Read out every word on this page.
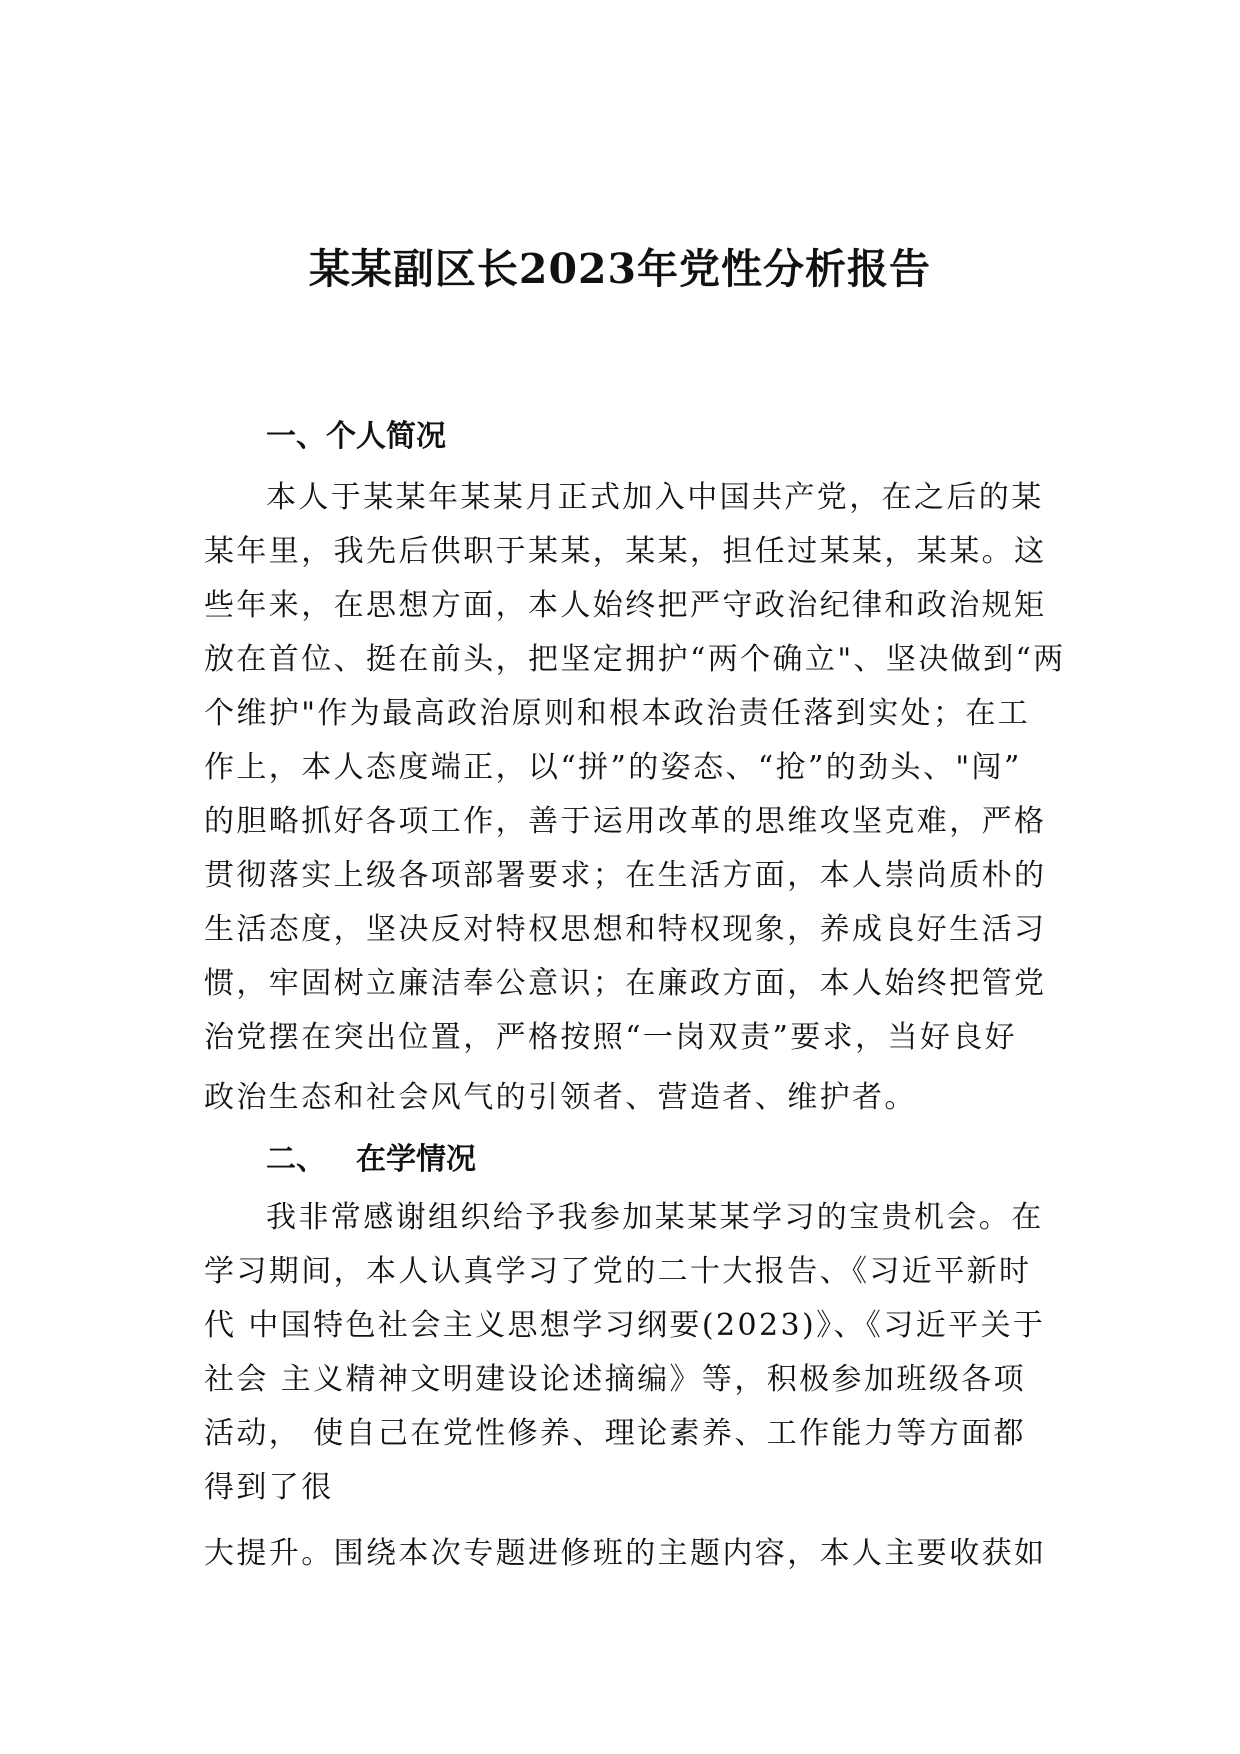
某某副区长2023年党性分析报告
一、个人简况
本人于某某年某某月正式加入中国共产党，在之后的某
某年里，我先后供职于某某，某某，担任过某某，某某。这
些年来，在思想方面，本人始终把严守政治纪律和政治规矩
放在首位、挺在前头，把坚定拥护“两个确立"、坚决做到“两
个维护"作为最高政治原则和根本政治责任落到实处；在工
作上，本人态度端正，以“拼”的姿态、“抢”的劲头、"闯”
的胆略抓好各项工作，善于运用改革的思维攻坚克难，严格
贯彻落实上级各项部署要求；在生活方面，本人崇尚质朴的
生活态度，坚决反对特权思想和特权现象，养成良好生活习
惯，牢固树立廉洁奉公意识；在廉政方面，本人始终把管党
治党摆在突出位置，严格按照“一岗双责”要求，当好良好
政治生态和社会风气的引领者、营造者、维护者。
二、 在学情况
我非常感谢组织给予我参加某某某学习的宝贵机会。在
学习期间，本人认真学习了党的二十大报告、《习近平新时
代 中国特色社会主义思想学习纲要(2023)》、《习近平关于
社会 主义精神文明建设论述摘编》等，积极参加班级各项
活动， 使自己在党性修养、理论素养、工作能力等方面都
得到了很
大提升。围绕本次专题进修班的主题内容，本人主要收获如
